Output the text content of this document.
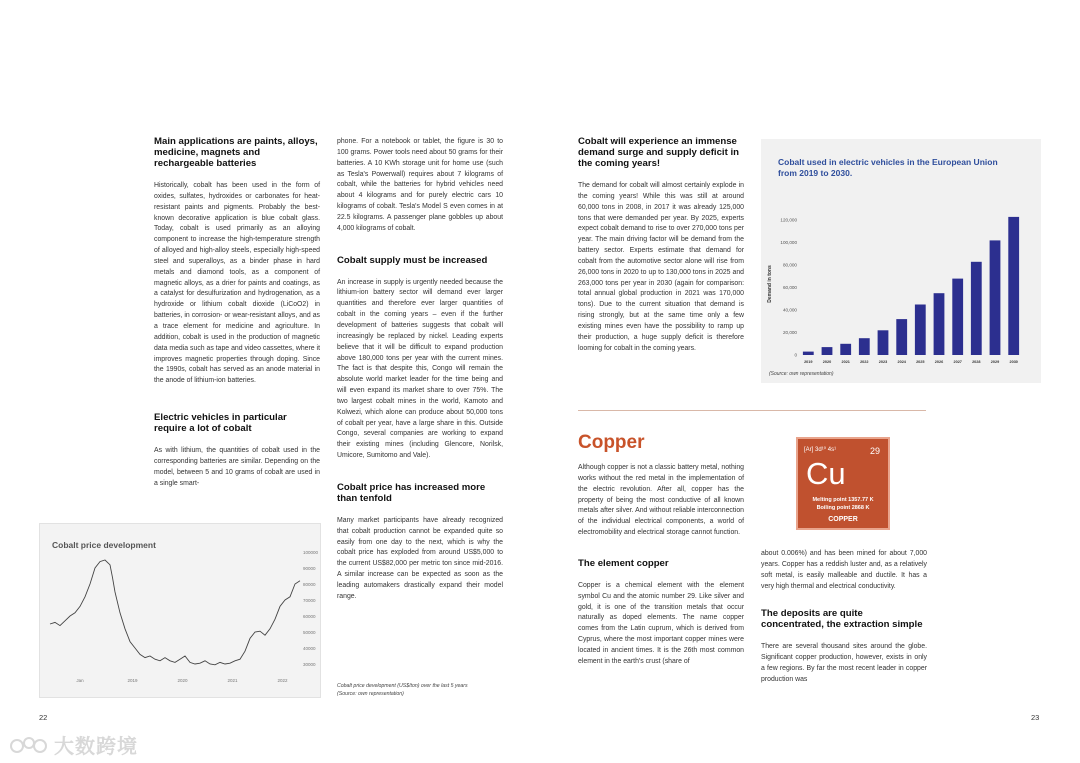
Main applications are paints, alloys, medicine, magnets and rechargeable batteries

Historically, cobalt has been used in the form of oxides, sulfates, hydroxides or carbonates for heat-resistant paints and pigments. Probably the best-known decorative application is blue cobalt glass. Today, cobalt is used primarily as an alloying component to increase the high-temperature strength of alloyed and high-alloy steels, especially high-speed steel and superalloys, as a binder phase in hard metals and diamond tools, as a component of magnetic alloys, as a drier for paints and coatings, as a catalyst for desulfurization and hydrogenation, as a hydroxide or lithium cobalt dioxide (LiCoO2) in batteries, in corrosion- or wear-resistant alloys, and as a trace element for medicine and agriculture. In addition, cobalt is used in the production of magnetic data media such as tape and video cassettes, where it improves magnetic properties through doping. Since the 1990s, cobalt has served as an anode material in the anode of lithium-ion batteries.

Electric vehicles in particular require a lot of cobalt

As with lithium, the quantities of cobalt used in the corresponding batteries are similar. Depending on the model, between 5 and 10 grams of cobalt are used in a single smart-

phone. For a notebook or tablet, the figure is 30 to 100 grams. Power tools need about 50 grams for their batteries. A 10 KWh storage unit for home use (such as Tesla's Powerwall) requires about 7 kilograms of cobalt, while the batteries for hybrid vehicles need about 4 kilograms and for purely electric cars 10 kilograms of cobalt. Tesla's Model S even comes in at 22.5 kilograms. A passenger plane gobbles up about 4,000 kilograms of cobalt.

Cobalt supply must be increased

An increase in supply is urgently needed because the lithium-ion battery sector will demand ever larger quantities and therefore ever larger quantities of cobalt in the coming years – even if the further development of batteries suggests that cobalt will increasingly be replaced by nickel. Leading experts believe that it will be difficult to expand production above 180,000 tons per year with the current mines. The fact is that despite this, Congo will remain the absolute world market leader for the time being and will even expand its market share to over 75%. The two largest cobalt mines in the world, Kamoto and Kolwezi, which alone can produce about 50,000 tons of cobalt per year, have a large share in this. Outside Congo, several companies are working to expand their existing mines (including Glencore, Norilsk, Umicore, Sumitomo and Vale).

Cobalt price has increased more than tenfold

Many market participants have already recognized that cobalt production cannot be expanded quite so easily from one day to the next, which is why the cobalt price has exploded from around US$5,000 to the current US$82,000 per metric ton since mid-2016. A similar increase can be expected as soon as the leading automakers drastically expand their model range.

Cobalt price development (US$/ton) over the last 5 years
(Source: own representation)
Cobalt price development
30000
40000
50000
60000
70000
80000
90000
100000
Jan	2019	2020	2021	2022
22
Cobalt will experience an immense demand surge and supply deficit in the coming years!

The demand for cobalt will almost certainly explode in the coming years! While this was still at around 60,000 tons in 2008, in 2017 it was already 125,000 tons that were demanded per year. By 2025, experts expect cobalt demand to rise to over 270,000 tons per year. The main driving factor will be demand from the battery sector. Experts estimate that demand for cobalt from the automotive sector alone will rise from 26,000 tons in 2020 to up to 130,000 tons in 2025 and 263,000 tons per year in 2030 (again for comparison: total annual global production in 2021 was 170,000 tons). Due to the current situation that demand is rising strongly, but at the same time only a few existing mines even have the possibility to ramp up their production, a huge supply deficit is therefore looming for cobalt in the coming years.

Copper

Although copper is not a classic battery metal, nothing works without the red metal in the implementation of the electric revolution. After all, copper has the property of being the most conductive of all known metals after silver. And without reliable interconnection of the individual electrical components, a world of electromobility and electrical storage cannot function.

The element copper

Copper is a chemical element with the element symbol Cu and the atomic number 29. Like silver and gold, it is one of the transition metals that occur naturally as doped elements. The name copper comes from the Latin cuprum, which is derived from Cyprus, where the most important copper mines were located in ancient times. It is the 26th most common element in the earth's crust (share of

about 0.006%) and has been mined for about 7,000 years. Copper has a reddish luster and, as a relatively soft metal, is easily malleable and ductile. It has a very high thermal and electrical conductivity.

The deposits are quite concentrated, the extraction simple

There are several thousand sites around the globe. Significant copper production, however, exists in only a few regions. By far the most recent leader in copper production was

Cobalt used in electric vehicles in the European Union from 2019 to 2030.
0
20,000
40,000
60,000
80,000
100,000
120,000
Demand in tons
2019	2020	2021	2022	2023	2024	2025	2026	2027	2028	2029	2030
(Source: own representation)
[Ar] 3d¹⁰ 4s¹	29
Cu
Melting point 1357.77 K
Boiling point 2868 K
COPPER
23
大数跨境
